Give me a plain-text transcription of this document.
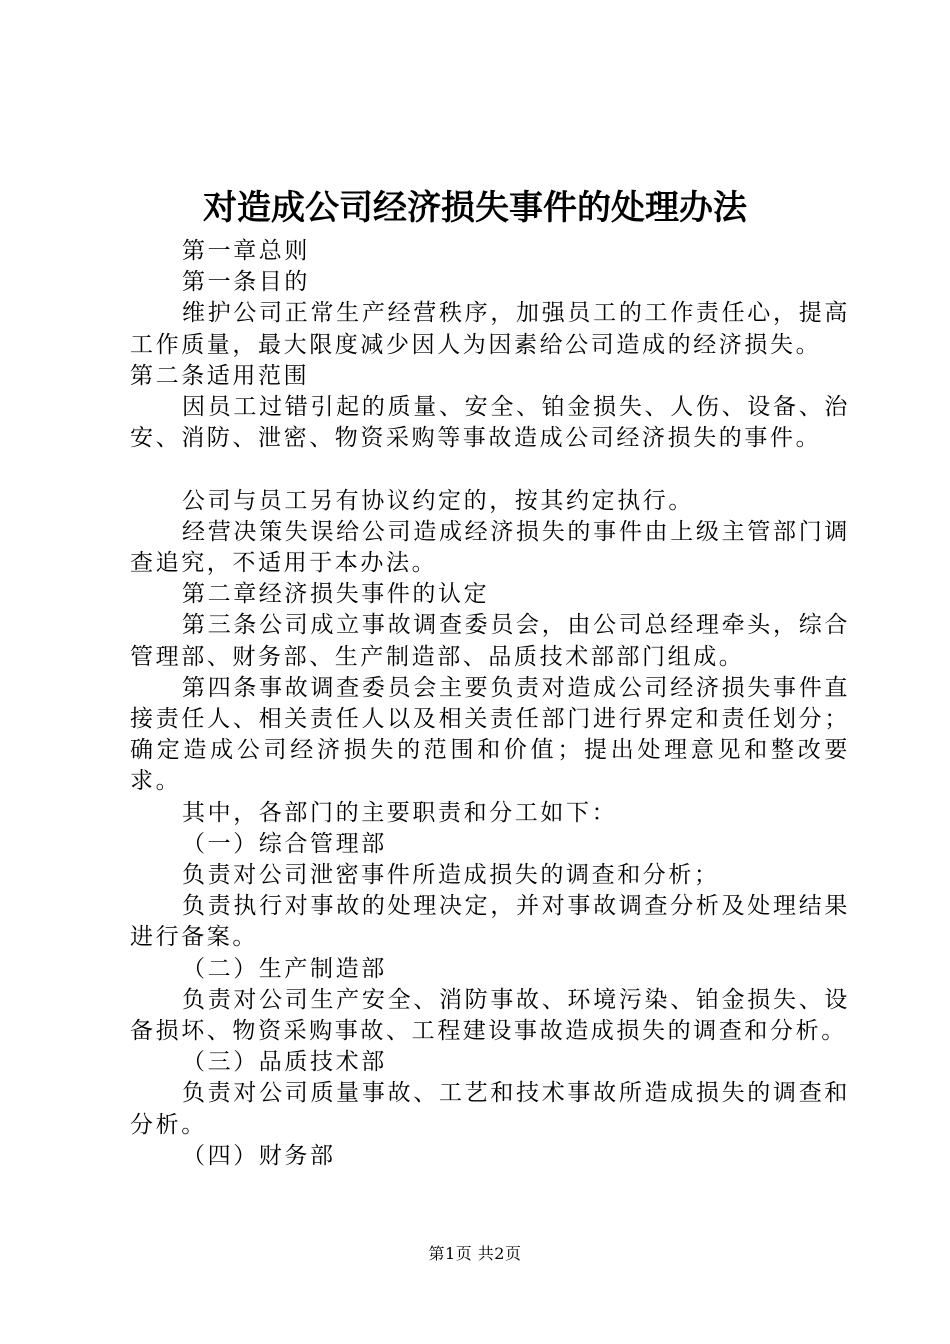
对造成公司经济损失事件的处理办法

第一章总则

第一条目的

维护公司正常生产经营秩序，加强员工的工作责任心，提高工作质量，最大限度减少因人为因素给公司造成的经济损失。

第二条适用范围

因员工过错引起的质量、安全、铂金损失、人伤、设备、治安、消防、泄密、物资采购等事故造成公司经济损失的事件。

公司与员工另有协议约定的，按其约定执行。

经营决策失误给公司造成经济损失的事件由上级主管部门调查追究，不适用于本办法。

第二章经济损失事件的认定

第三条公司成立事故调查委员会，由公司总经理牵头，综合管理部、财务部、生产制造部、品质技术部部门组成。

第四条事故调查委员会主要负责对造成公司经济损失事件直接责任人、相关责任人以及相关责任部门进行界定和责任划分；确定造成公司经济损失的范围和价值；提出处理意见和整改要求。

其中，各部门的主要职责和分工如下：

（一）综合管理部

负责对公司泄密事件所造成损失的调查和分析；

负责执行对事故的处理决定，并对事故调查分析及处理结果进行备案。

（二）生产制造部

负责对公司生产安全、消防事故、环境污染、铂金损失、设备损坏、物资采购事故、工程建设事故造成损失的调查和分析。

（三）品质技术部

负责对公司质量事故、工艺和技术事故所造成损失的调查和分析。

（四）财务部

第1页 共2页
